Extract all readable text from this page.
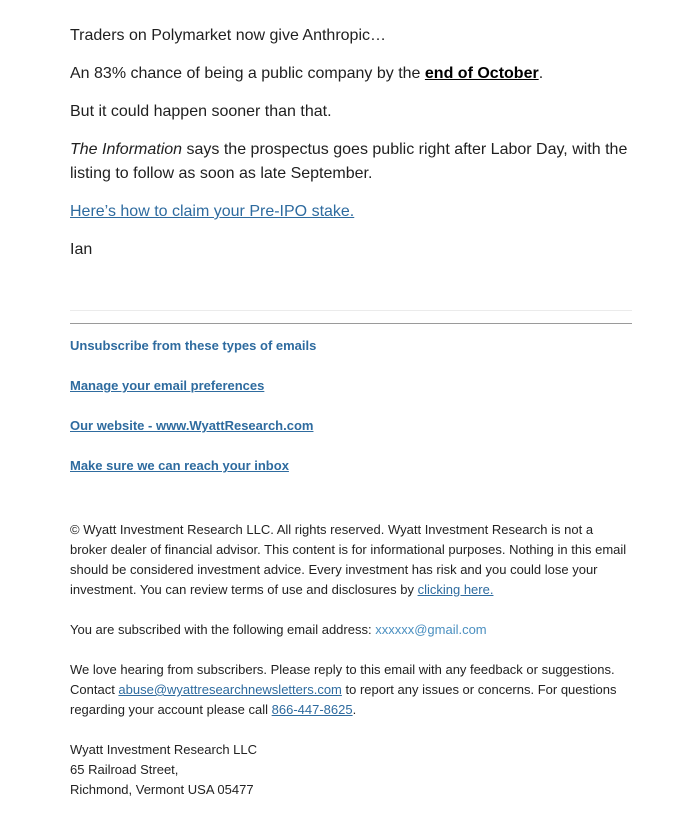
Traders on Polymarket now give Anthropic…

An 83% chance of being a public company by the end of October.

But it could happen sooner than that.

The Information says the prospectus goes public right after Labor Day, with the listing to follow as soon as late September.

Here’s how to claim your Pre-IPO stake.

Ian

Unsubscribe from these types of emails
Manage your email preferences
Our website - www.WyattResearch.com
Make sure we can reach your inbox

© Wyatt Investment Research LLC. All rights reserved. Wyatt Investment Research is not a broker dealer of financial advisor. This content is for informational purposes. Nothing in this email should be considered investment advice. Every investment has risk and you could lose your investment. You can review terms of use and disclosures by clicking here.

You are subscribed with the following email address: xxxxxx@gmail.com

We love hearing from subscribers. Please reply to this email with any feedback or suggestions. Contact abuse@wyattresearchnewsletters.com to report any issues or concerns. For questions regarding your account please call 866-447-8625.

Wyatt Investment Research LLC
65 Railroad Street,
Richmond, Vermont USA 05477
